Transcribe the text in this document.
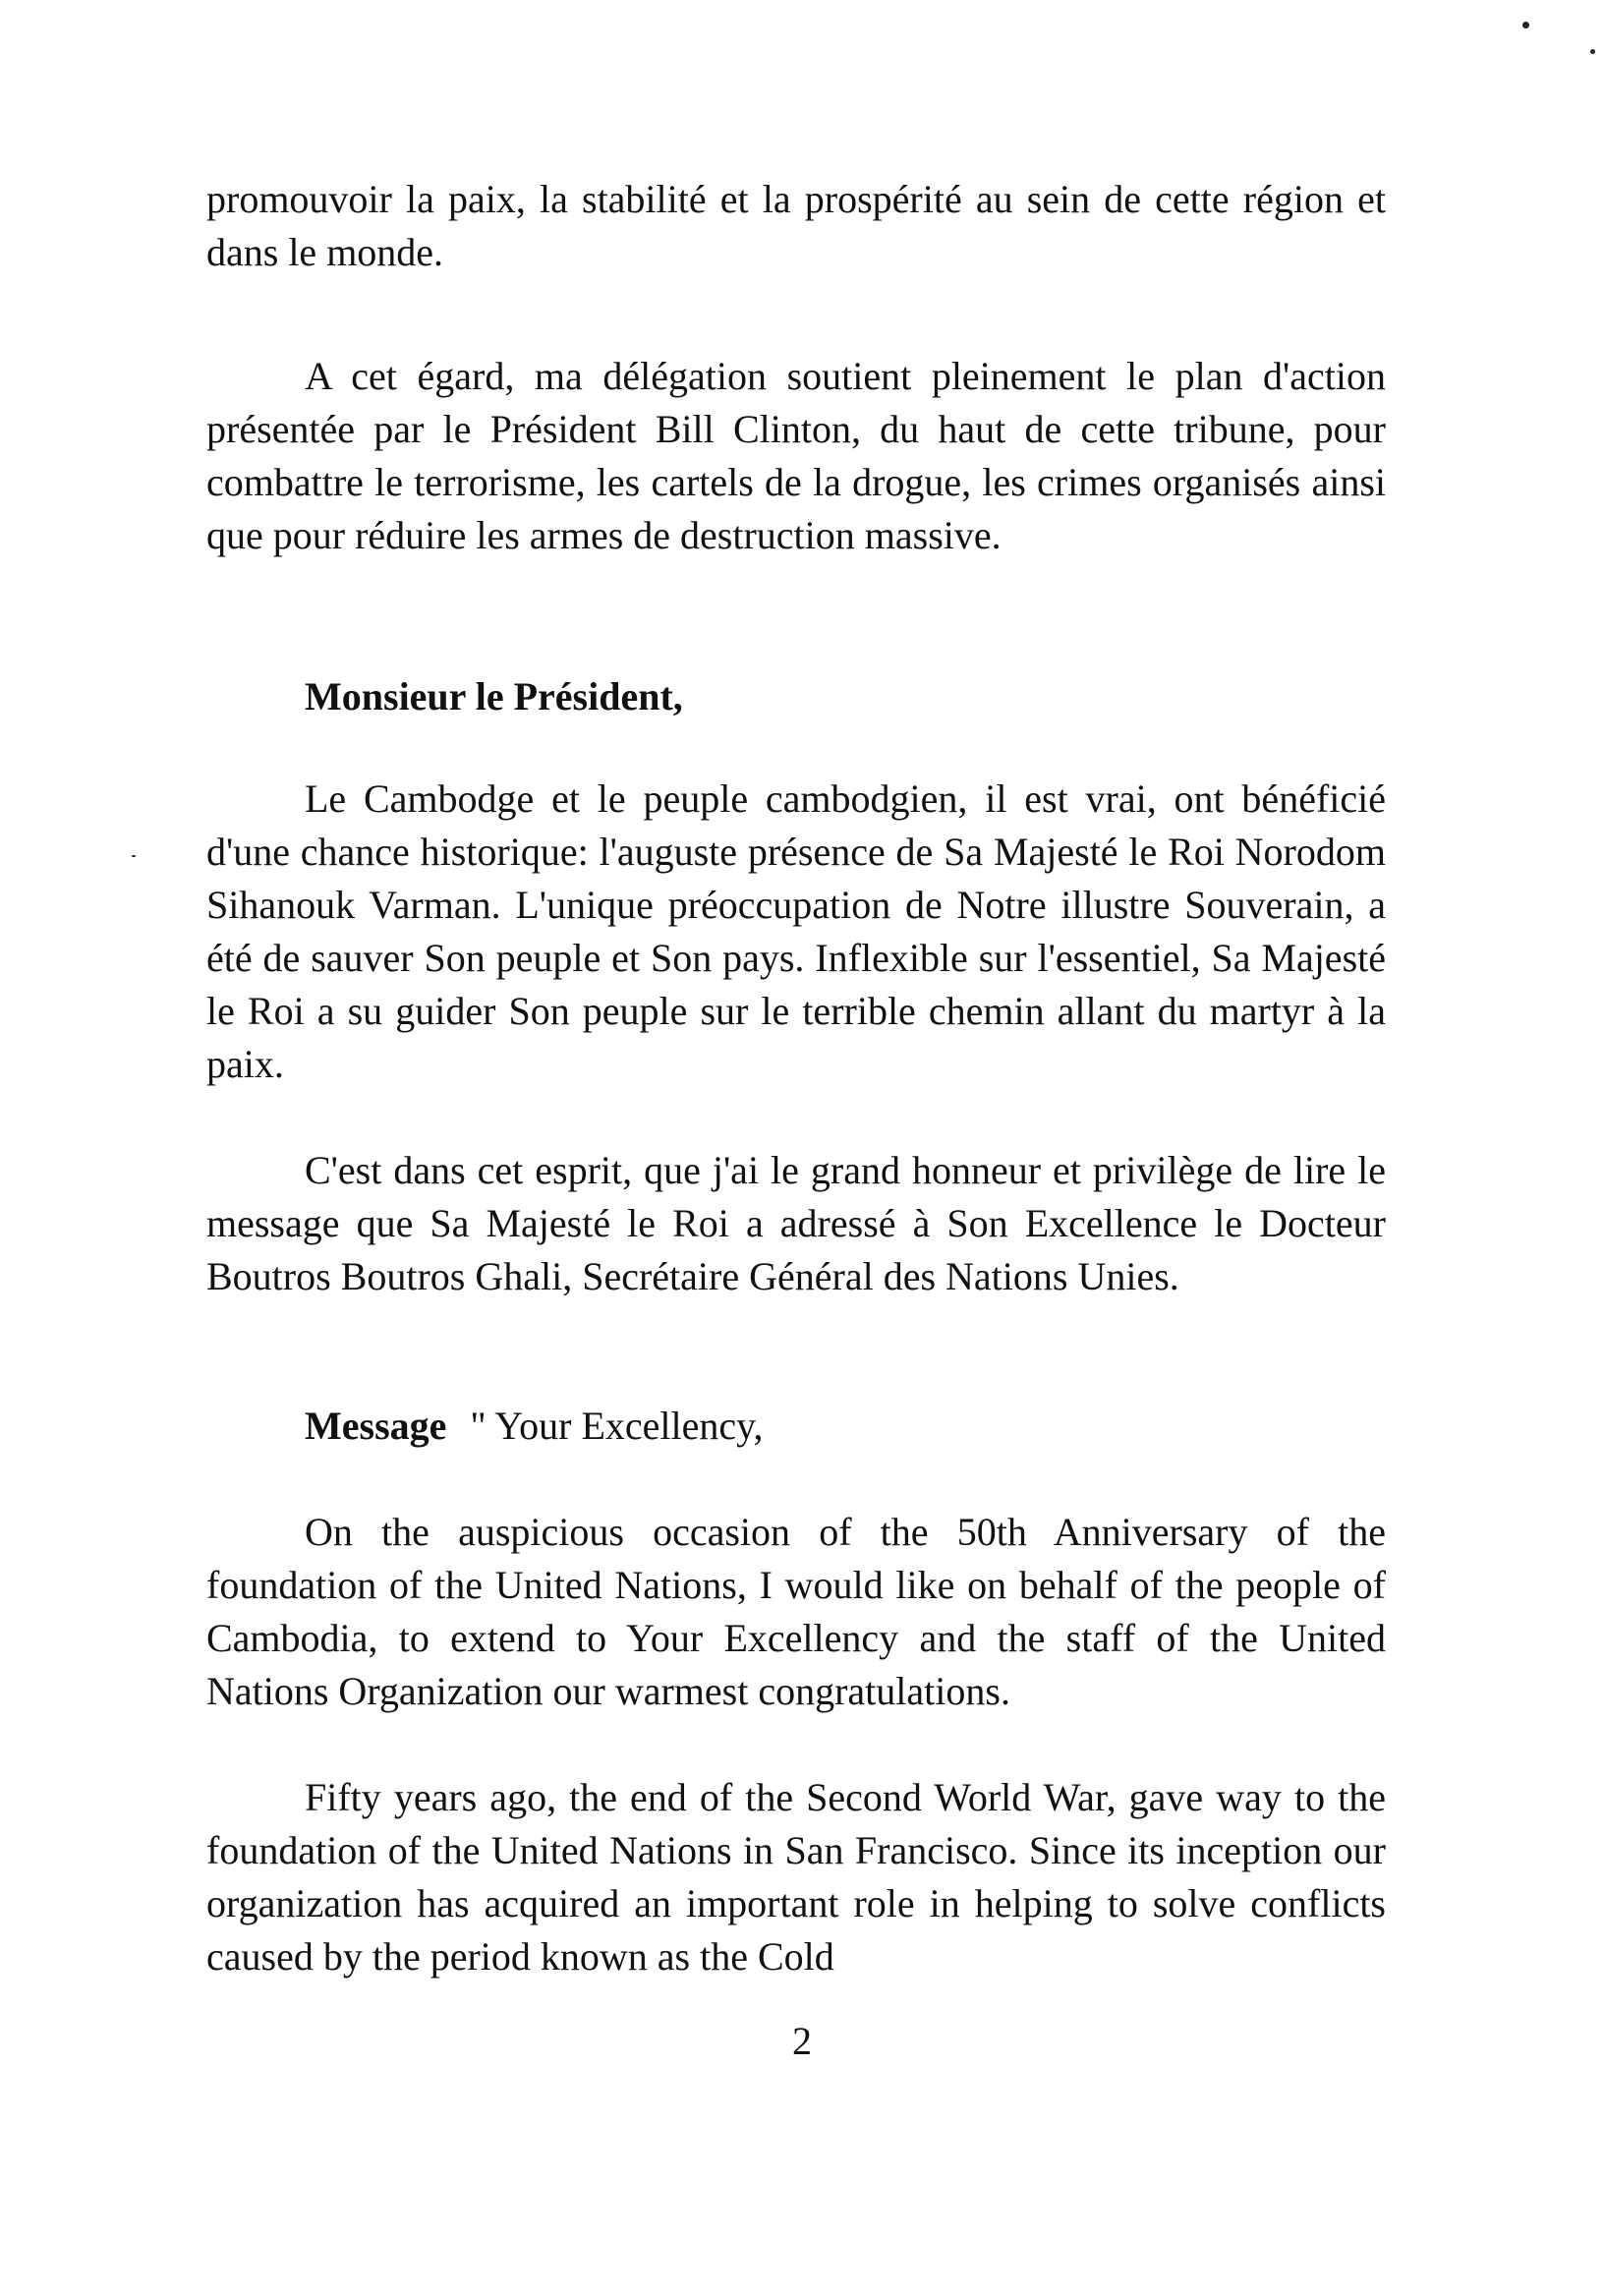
promouvoir la paix, la stabilité et la prospérité au sein de cette région et dans le monde.

A cet égard, ma délégation soutient pleinement le plan d'action présentée par le Président Bill Clinton, du haut de cette tribune, pour combattre le terrorisme, les cartels de la drogue, les crimes organisés ainsi que pour réduire les armes de destruction massive.

Monsieur le Président,

Le Cambodge et le peuple cambodgien, il est vrai, ont bénéficié d'une chance historique: l'auguste présence de Sa Majesté le Roi Norodom Sihanouk Varman. L'unique préoccupation de Notre illustre Souverain, a été de sauver Son peuple et Son pays. Inflexible sur l'essentiel, Sa Majesté le Roi a su guider Son peuple sur le terrible chemin allant du martyr à la paix.

C'est dans cet esprit, que j'ai le grand honneur et privilège de lire le message que Sa Majesté le Roi a adressé à Son Excellence le Docteur Boutros Boutros Ghali, Secrétaire Général des Nations Unies.

Message " Your Excellency,

On the auspicious occasion of the 50th Anniversary of the foundation of the United Nations, I would like on behalf of the people of Cambodia, to extend to Your Excellency and the staff of the United Nations Organization our warmest congratulations.

Fifty years ago, the end of the Second World War, gave way to the foundation of the United Nations in San Francisco. Since its inception our organization has acquired an important role in helping to solve conflicts caused by the period known as the Cold

2
